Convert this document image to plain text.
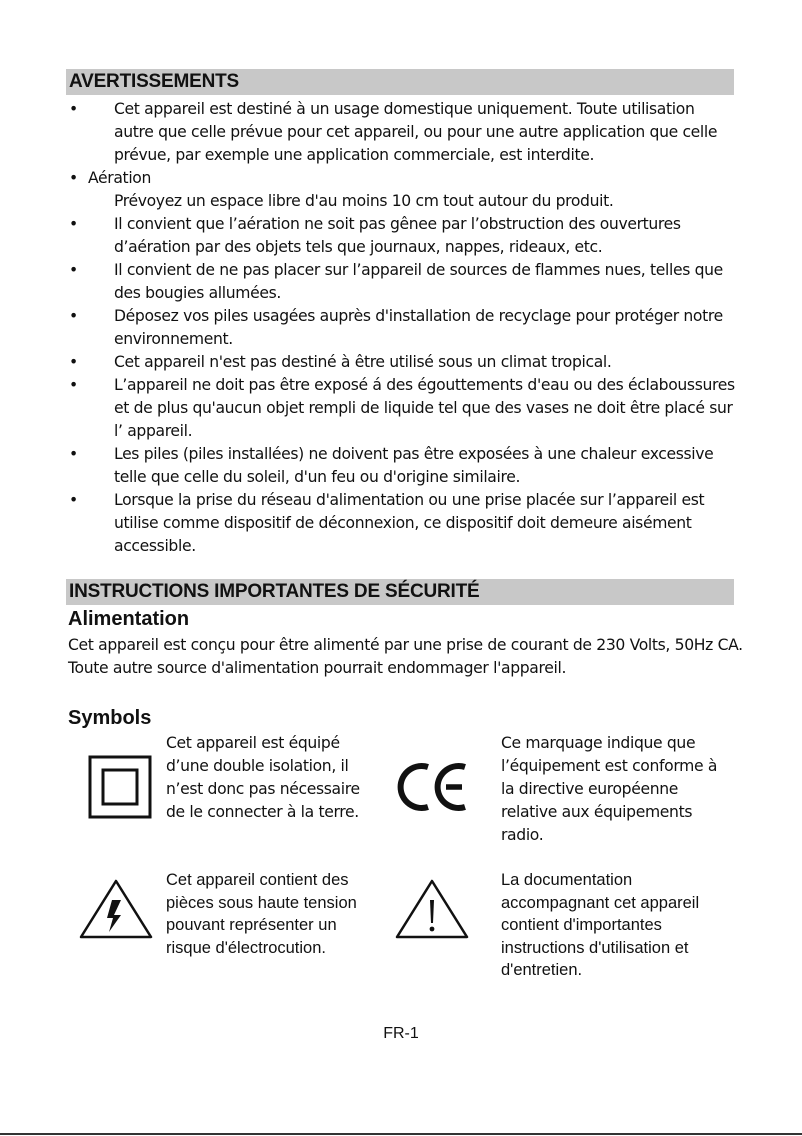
AVERTISSEMENTS
• Cet appareil est destiné à un usage domestique uniquement. Toute utilisation autre que celle prévue pour cet appareil, ou pour une autre application que celle prévue, par exemple une application commerciale, est interdite.
• Aération
Prévoyez un espace libre d'au moins 10 cm tout autour du produit.
• Il convient que l’aération ne soit pas gênee par l’obstruction des ouvertures d’aération par des objets tels que journaux, nappes, rideaux, etc.
• Il convient de ne pas placer sur l’appareil de sources de flammes nues, telles que des bougies allumées.
• Déposez vos piles usagées auprès d'installation de recyclage pour protéger notre environnement.
• Cet appareil n'est pas destiné à être utilisé sous un climat tropical.
• L’appareil ne doit pas être exposé á des égouttements d'eau ou des éclaboussures et de plus qu'aucun objet rempli de liquide tel que des vases ne doit être placé sur l’ appareil.
• Les piles (piles installées) ne doivent pas être exposées à une chaleur excessive telle que celle du soleil, d'un feu ou d'origine similaire.
• Lorsque la prise du réseau d'alimentation ou une prise placée sur l’appareil est utilise comme dispositif de déconnexion, ce dispositif doit demeure aisément accessible.
INSTRUCTIONS IMPORTANTES DE SÉCURITÉ
Alimentation
Cet appareil est conçu pour être alimenté par une prise de courant de 230 Volts, 50Hz CA. Toute autre source d'alimentation pourrait endommager l'appareil.
Symbols
Cet appareil est équipé d’une double isolation, il n’est donc pas nécessaire de le connecter à la terre.
Ce marquage indique que l’équipement est conforme à la directive européenne relative aux équipements radio.
Cet appareil contient des pièces sous haute tension pouvant représenter un risque d'électrocution.
La documentation accompagnant cet appareil contient d'importantes instructions d'utilisation et d'entretien.
FR-1
